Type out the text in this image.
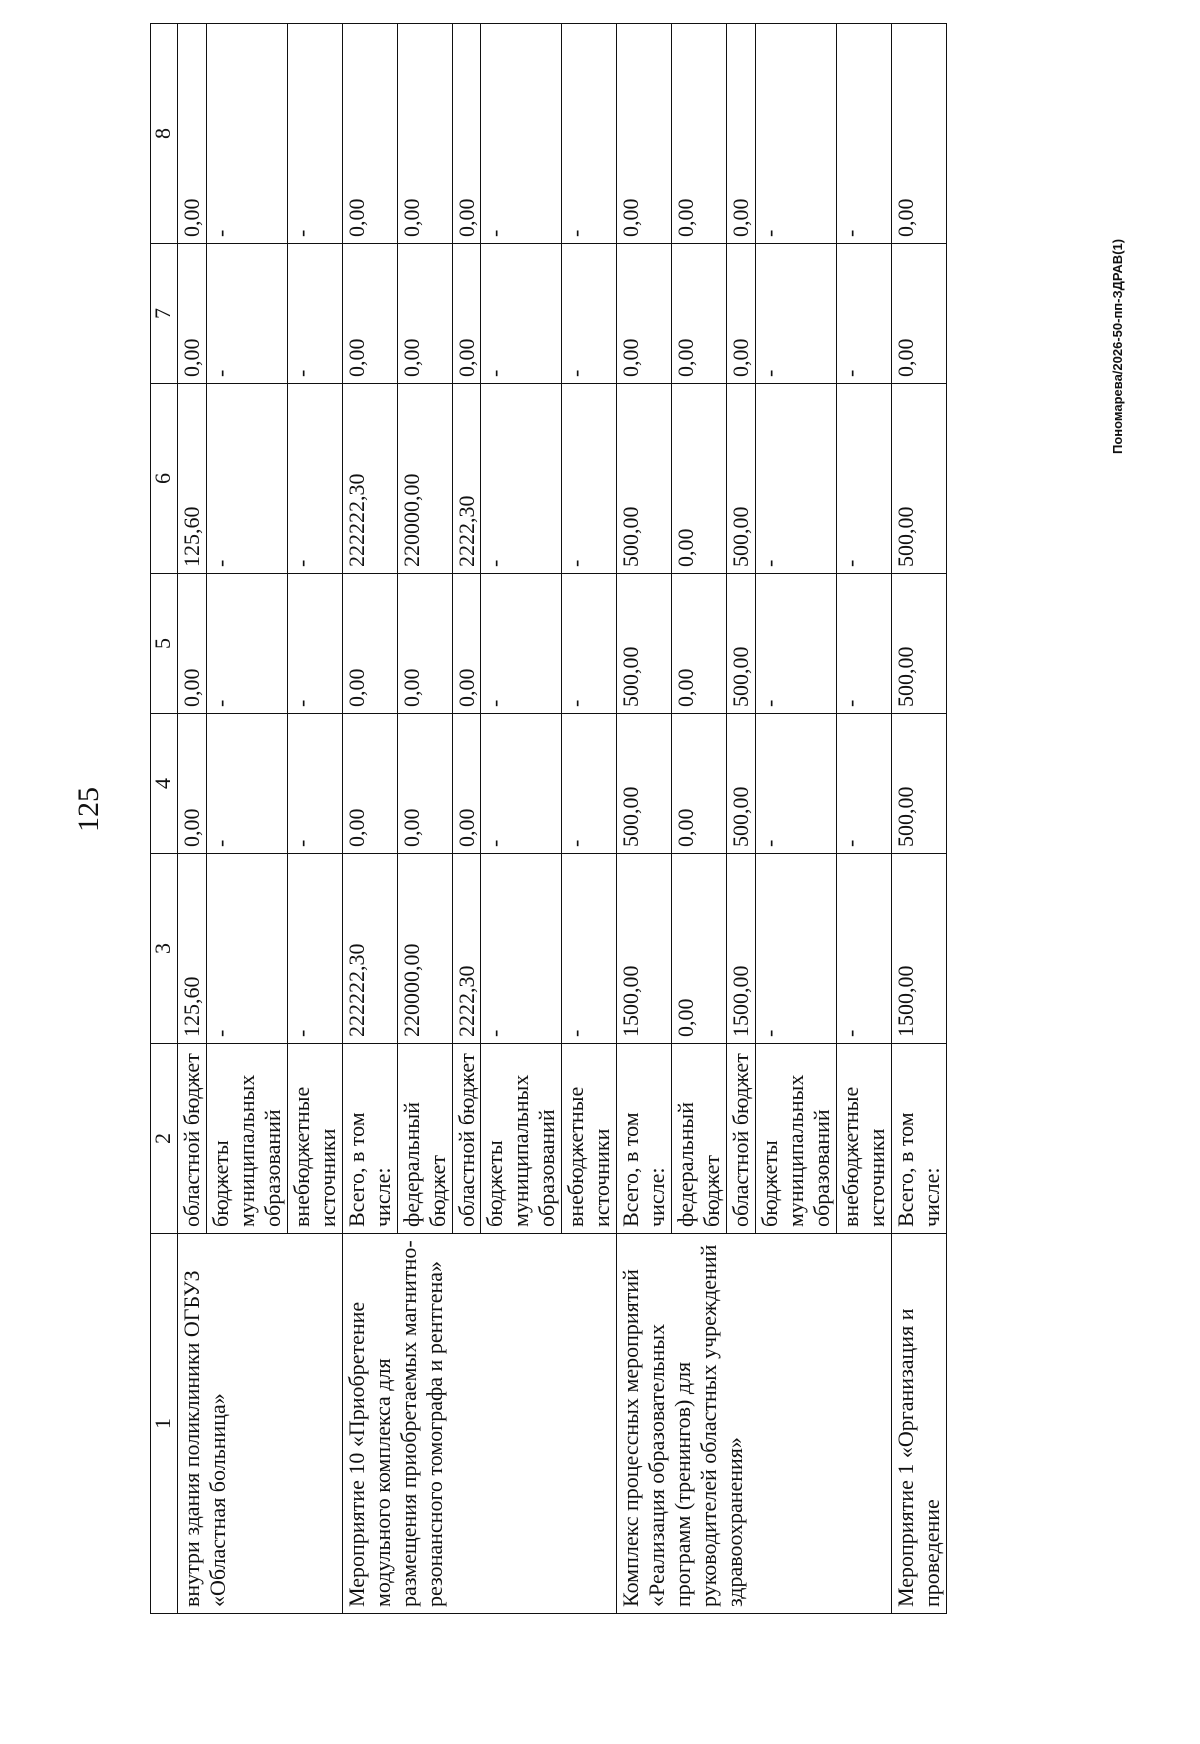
125
1	2	3	4	5	6	7	8
внутри здания поликлиники ОГБУЗ «Областная больница»	областной бюджет	125,60	0,00	0,00	125,60	0,00	0,00
	бюджеты муниципальных образований	-	-	-	-	-	-
	внебюджетные источники	-	-	-	-	-	-
Мероприятие 10 «Приобретение модульного комплекса для размещения приобретаемых магнитно-резонансного томографа и рентгена»	Всего, в том числе:	222222,30	0,00	0,00	222222,30	0,00	0,00
	федеральный бюджет	220000,00	0,00	0,00	220000,00	0,00	0,00
	областной бюджет	2222,30	0,00	0,00	2222,30	0,00	0,00
	бюджеты муниципальных образований	-	-	-	-	-	-
	внебюджетные источники	-	-	-	-	-	-
Комплекс процессных мероприятий «Реализация образовательных программ (тренингов) для руководителей областных учреждений здравоохранения»	Всего, в том числе:	1500,00	500,00	500,00	500,00	0,00	0,00
	федеральный бюджет	0,00	0,00	0,00	0,00	0,00	0,00
	областной бюджет	1500,00	500,00	500,00	500,00	0,00	0,00
	бюджеты муниципальных образований	-	-	-	-	-	-
	внебюджетные источники	-	-	-	-	-	-
Мероприятие 1 «Организация и проведение	Всего, в том числе:	1500,00	500,00	500,00	500,00	0,00	0,00
Пономарева/2026-50-пп-ЗДРАВ(1)
